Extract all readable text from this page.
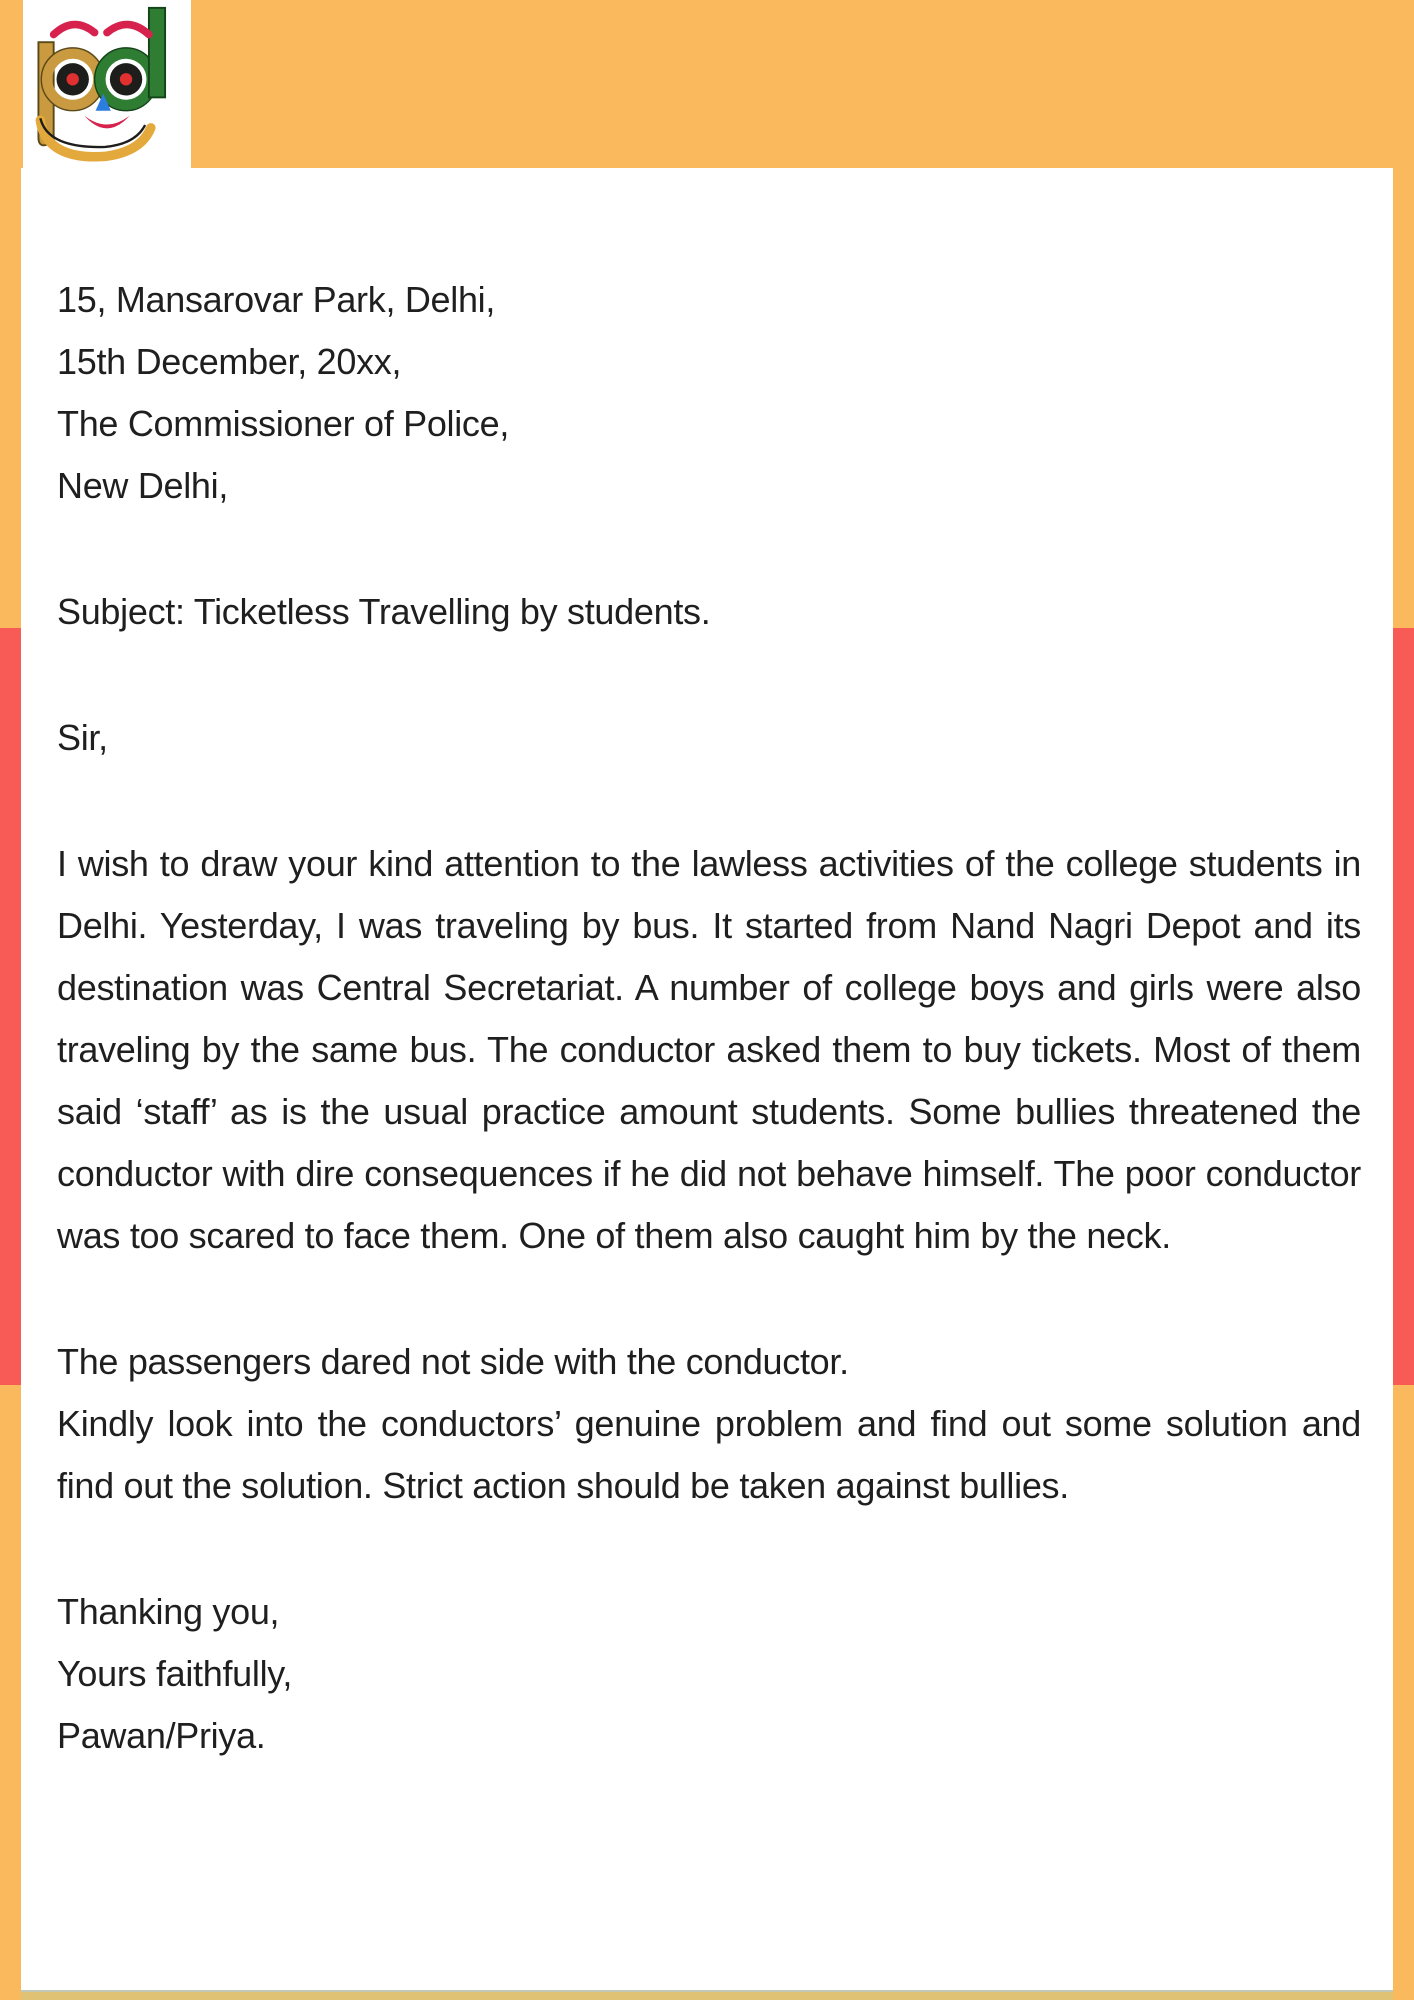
15, Mansarovar Park, Delhi,
15th December, 20xx,
The Commissioner of Police,
New Delhi,
Subject: Ticketless Travelling by students.
Sir,

I wish to draw your kind attention to the lawless activities of the college students in Delhi. Yesterday, I was traveling by bus. It started from Nand Nagri Depot and its destination was Central Secretariat. A number of college boys and girls were also traveling by the same bus. The conductor asked them to buy tickets. Most of them said ‘staff’ as is the usual practice amount students. Some bullies threatened the conductor with dire consequences if he did not behave himself. The poor conductor was too scared to face them. One of them also caught him by the neck.

The passengers dared not side with the conductor.

Kindly look into the conductors’ genuine problem and find out some solution and find out the solution. Strict action should be taken against bullies.

Thanking you,
Yours faithfully,
Pawan/Priya.
